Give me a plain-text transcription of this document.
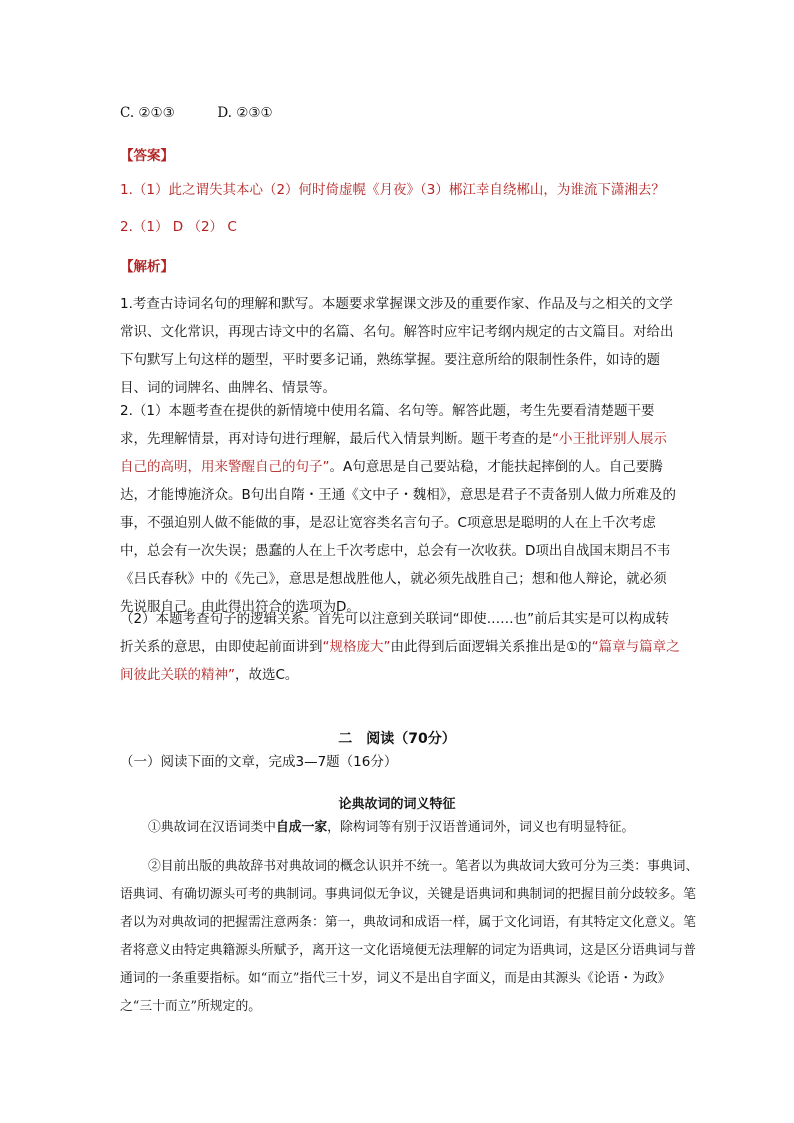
C. ②①③	D. ②③①
【答案】
1.（1）此之谓失其本心（2）何时倚虚幌《月夜》（3）郴江幸自绕郴山，为谁流下潇湘去？
2.（1） D （2） C
【解析】

1.考查古诗词名句的理解和默写。本题要求掌握课文涉及的重要作家、作品及与之相关的文学常识、文化常识，再现古诗文中的名篇、名句。解答时应牢记考纲内规定的古文篇目。对给出下句默写上句这样的题型，平时要多记诵，熟练掌握。要注意所给的限制性条件，如诗的题目、词的词牌名、曲牌名、情景等。

2.（1）本题考查在提供的新情境中使用名篇、名句等。解答此题，考生先要看清楚题干要求，先理解情景，再对诗句进行理解，最后代入情景判断。题干考查的是“小王批评别人展示自己的高明，用来警醒自己的句子”。A句意思是自己要站稳，才能扶起摔倒的人。自己要腾达，才能博施济众。B句出自隋・王通《文中子・魏相》，意思是君子不责备别人做力所难及的事，不强迫别人做不能做的事，是忍让宽容类名言句子。C项意思是聪明的人在上千次考虑中，总会有一次失误；愚蠢的人在上千次考虑中，总会有一次收获。D项出自战国末期吕不韦《吕氏春秋》中的《先己》，意思是想战胜他人，就必须先战胜自己；想和他人辩论，就必须先说服自己。由此得出符合的选项为D。

（2）本题考查句子的逻辑关系。首先可以注意到关联词“即使……也”前后其实是可以构成转折关系的意思，由即使起前面讲到“规格庞大”由此得到后面逻辑关系推出是①的“篇章与篇章之间彼此关联的精神”，故选C。

二　阅读（70分）
（一）阅读下面的文章，完成3—7题（16分）
论典故词的词义特征
①典故词在汉语词类中自成一家，除构词等有别于汉语普通词外，词义也有明显特征。
②目前出版的典故辞书对典故词的概念认识并不统一。笔者以为典故词大致可分为三类：事典词、语典词、有确切源头可考的典制词。事典词似无争议，关键是语典词和典制词的把握目前分歧较多。笔者以为对典故词的把握需注意两条：第一，典故词和成语一样，属于文化词语，有其特定文化意义。笔者将意义由特定典籍源头所赋予，离开这一文化语境便无法理解的词定为语典词，这是区分语典词与普通词的一条重要指标。如“而立”指代三十岁，词义不是出自字面义，而是由其源头《论语・为政》之“三十而立”所规定的。
